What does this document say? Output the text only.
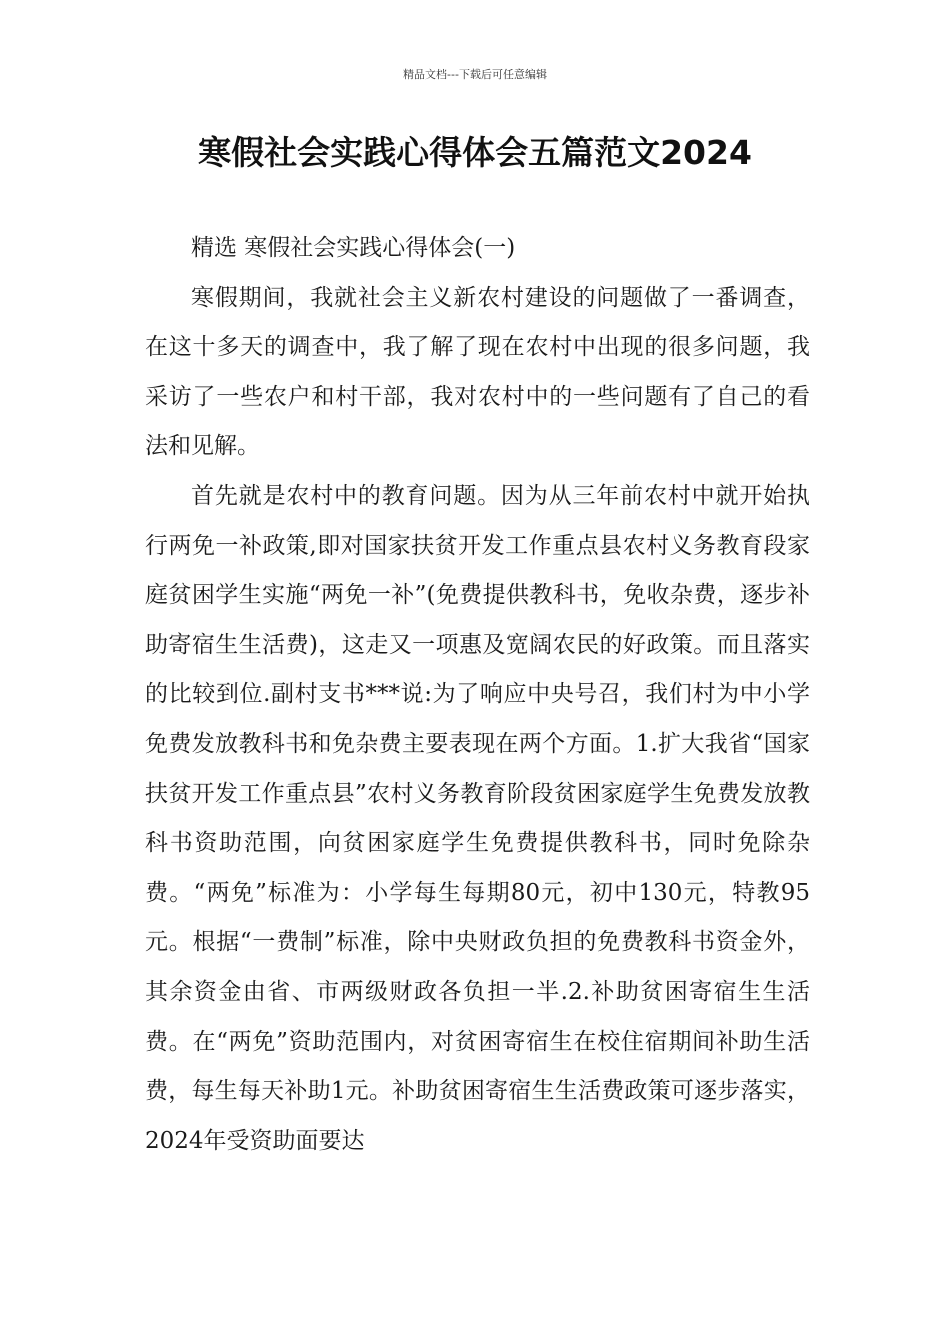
精品文档---下载后可任意编辑
寒假社会实践心得体会五篇范文2024

精选 寒假社会实践心得体会(一)

寒假期间，我就社会主义新农村建设的问题做了一番调查，在这十多天的调查中，我了解了现在农村中出现的很多问题，我采访了一些农户和村干部，我对农村中的一些问题有了自己的看法和见解。

首先就是农村中的教育问题。因为从三年前农村中就开始执行两免一补政策,即对国家扶贫开发工作重点县农村义务教育段家庭贫困学生实施“两免一补”(免费提供教科书，免收杂费，逐步补助寄宿生生活费)，这走又一项惠及宽阔农民的好政策。而且落实的比较到位.副村支书***说:为了响应中央号召，我们村为中小学免费发放教科书和免杂费主要表现在两个方面。1.扩大我省“国家扶贫开发工作重点县”农村义务教育阶段贫困家庭学生免费发放教科书资助范围，向贫困家庭学生免费提供教科书，同时免除杂费。“两免”标准为：小学每生每期80元，初中130元，特教95元。根据“一费制”标准，除中央财政负担的免费教科书资金外，其余资金由省、市两级财政各负担一半.2.补助贫困寄宿生生活费。在“两免”资助范围内，对贫困寄宿生在校住宿期间补助生活费，每生每天补助1元。补助贫困寄宿生生活费政策可逐步落实，2024年受资助面要达
